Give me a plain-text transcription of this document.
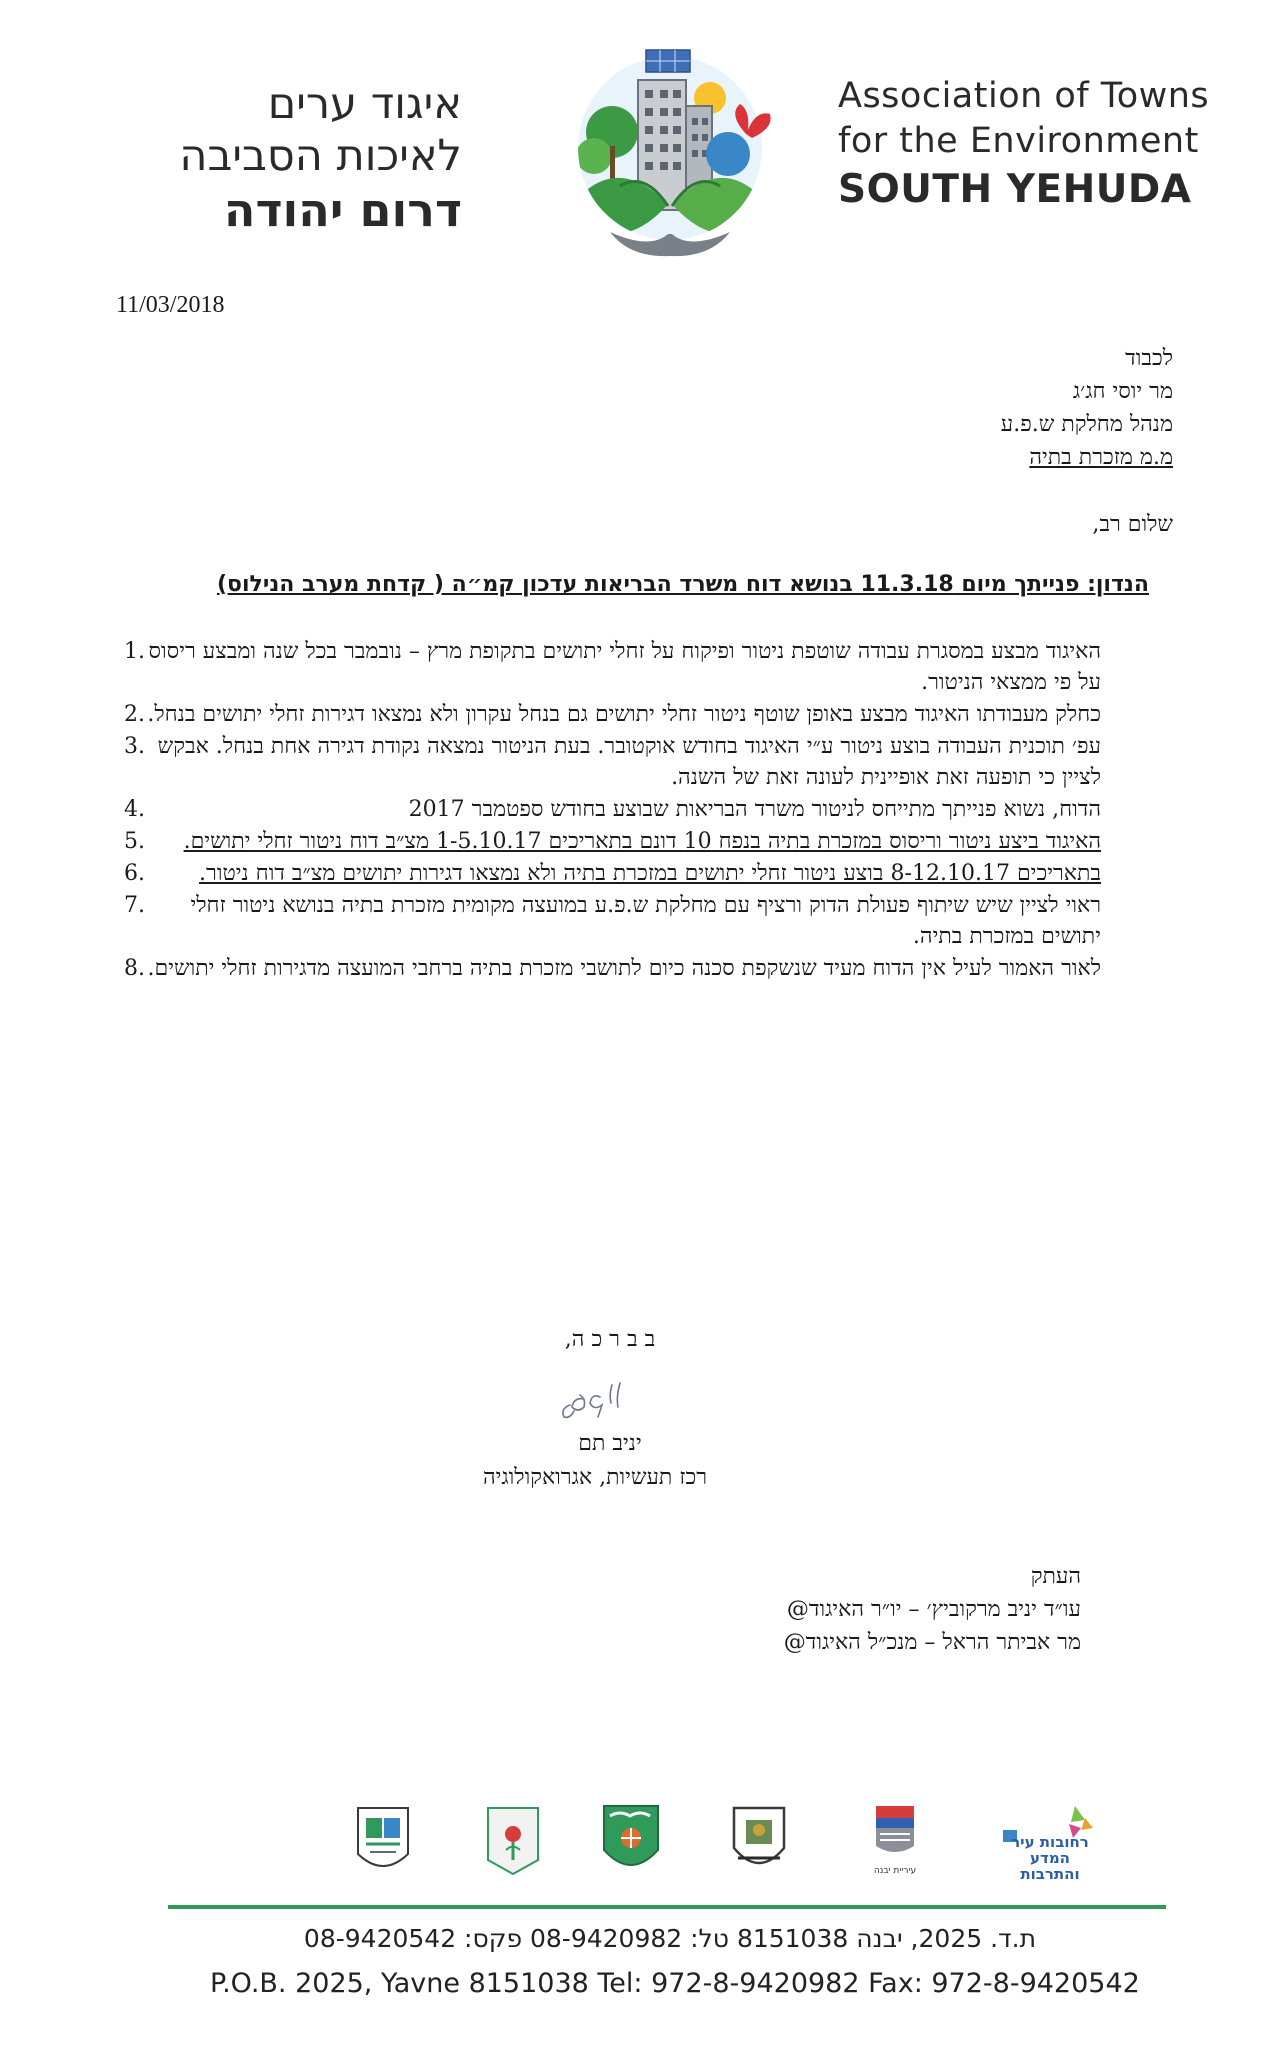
איגוד ערים
לאיכות הסביבה
דרום יהודה
Association of Towns
for the Environment
SOUTH YEHUDA
11/03/2018
לכבוד
מר יוסי חג׳ג
מנהל מחלקת ש.פ.ע
מ.מ מזכרת בתיה
שלום רב,
הנדון: פנייתך מיום 11.3.18 בנושא דוח משרד הבריאות עדכון קמ״ה ( קדחת מערב הנילוס)
1. האיגוד מבצע במסגרת עבודה שוטפת ניטור ופיקוח על זחלי יתושים בתקופת מרץ – נובמבר בכל שנה ומבצע ריסוס על פי ממצאי הניטור.
2. כחלק מעבודתו האיגוד מבצע באופן שוטף ניטור זחלי יתושים גם בנחל עקרון ולא נמצאו דגירות זחלי יתושים בנחל.
3. עפ׳ תוכנית העבודה בוצע ניטור ע״י האיגוד בחודש אוקטובר. בעת הניטור נמצאה נקודת דגירה אחת בנחל. אבקש לציין כי תופעה זאת אופיינית לעונה זאת של השנה.
4.	הדוח, נשוא פנייתך מתייחס לניטור משרד הבריאות שבוצע בחודש ספטמבר 2017
5.	האיגוד ביצע ניטור וריסוס במזכרת בתיה בנפח 10 דונם בתאריכים 1-5.10.17 מצ״ב דוח ניטור זחלי יתושים.
6.	בתאריכים 8-12.10.17 בוצע ניטור זחלי יתושים במזכרת בתיה ולא נמצאו דגירות יתושים מצ״ב דוח ניטור.
7.	ראוי לציין שיש שיתוף פעולת הדוק ורציף עם מחלקת ש.פ.ע במועצה מקומית מזכרת בתיה בנושא ניטור זחלי יתושים במזכרת בתיה.
8. לאור האמור לעיל אין הדוח מעיד שנשקפת סכנה כיום לתושבי מזכרת בתיה ברחבי המועצה מדגירות זחלי יתושים.
ב ב ר כ ה,
יניב תם
רכז תעשיות, אגרואקולוגיה
העתק
עו״ד יניב מרקוביץ׳ – יו״ר האיגוד@
מר אביתר הראל – מנכ״ל האיגוד@
רחובות עיר המדע והתרבות
עיריית יבנה
ת.ד. 2025, יבנה 8151038 טל: 08-9420982 פקס: 08-9420542
P.O.B. 2025, Yavne 8151038 Tel: 972-8-9420982 Fax: 972-8-9420542
